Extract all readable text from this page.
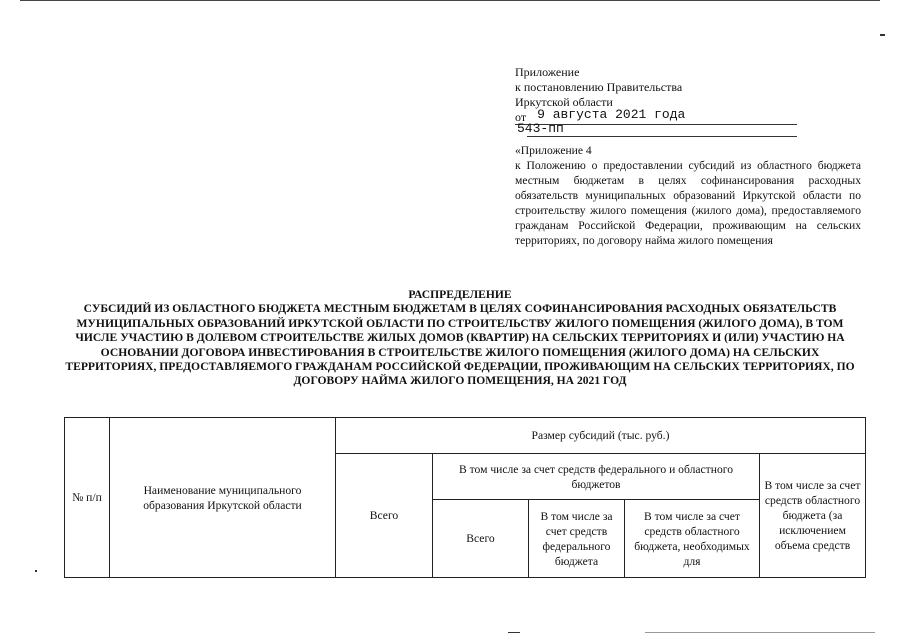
Приложение
к постановлению Правительства
Иркутской области
от 9 августа 2021 года
543-пп
«Приложение 4
к Положению о предоставлении субсидий из областного бюджета местным бюджетам в целях софинансирования расходных обязательств муниципальных образований Иркутской области по строительству жилого помещения (жилого дома), предоставляемого гражданам Российской Федерации, проживающим на сельских территориях, по договору найма жилого помещения
РАСПРЕДЕЛЕНИЕ
СУБСИДИЙ ИЗ ОБЛАСТНОГО БЮДЖЕТА МЕСТНЫМ БЮДЖЕТАМ В ЦЕЛЯХ СОФИНАНСИРОВАНИЯ РАСХОДНЫХ ОБЯЗАТЕЛЬСТВ МУНИЦИПАЛЬНЫХ ОБРАЗОВАНИЙ ИРКУТСКОЙ ОБЛАСТИ ПО СТРОИТЕЛЬСТВУ ЖИЛОГО ПОМЕЩЕНИЯ (ЖИЛОГО ДОМА), В ТОМ ЧИСЛЕ УЧАСТИЮ В ДОЛЕВОМ СТРОИТЕЛЬСТВЕ ЖИЛЫХ ДОМОВ (КВАРТИР) НА СЕЛЬСКИХ ТЕРРИТОРИЯХ И (ИЛИ) УЧАСТИЮ НА ОСНОВАНИИ ДОГОВОРА ИНВЕСТИРОВАНИЯ В СТРОИТЕЛЬСТВЕ ЖИЛОГО ПОМЕЩЕНИЯ (ЖИЛОГО ДОМА) НА СЕЛЬСКИХ ТЕРРИТОРИЯХ, ПРЕДОСТАВЛЯЕМОГО ГРАЖДАНАМ РОССИЙСКОЙ ФЕДЕРАЦИИ, ПРОЖИВАЮЩИМ НА СЕЛЬСКИХ ТЕРРИТОРИЯХ, ПО ДОГОВОРУ НАЙМА ЖИЛОГО ПОМЕЩЕНИЯ, НА 2021 ГОД
№ п/п	Наименование муниципального образования Иркутской области	Размер субсидий (тыс. руб.)				
		Всего	В том числе за счет средств федерального и областного бюджетов			В том числе за счет средств областного бюджета (за исключением объема средств
			Всего	В том числе за счет средств федерального бюджета	В том числе за счет средств областного бюджета, необходимых для	
